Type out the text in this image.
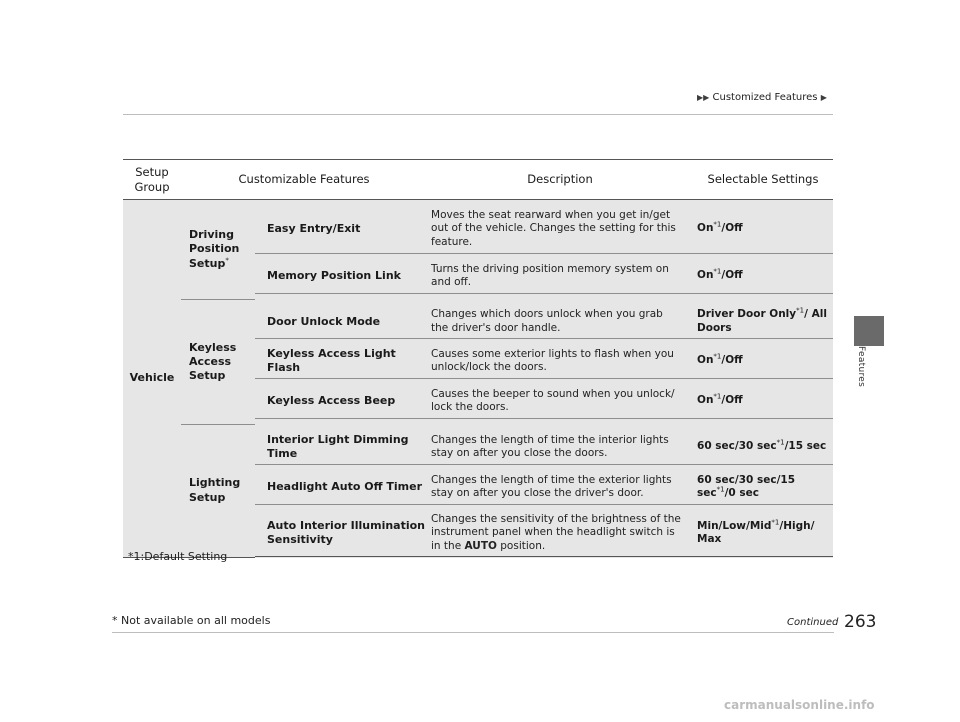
▶▶ Customized Features ▶
Features
Setup Group	Customizable Features		Description	Selectable Settings
Vehicle	Driving Position Setup*	
		Easy Entry/Exit	Moves the seat rearward when you get in/get out of the vehicle. Changes the setting for this feature.	On$^{*1}$/Off

		Memory Position Link	Turns the driving position memory system on and off.	On$^{*1}$/Off

	Keyless Access Setup			
		Door Unlock Mode	Changes which doors unlock when you grab the driver's door handle.	Driver Door Only$^{*1}$/ All Doors

		Keyless Access Light Flash	Causes some exterior lights to flash when you unlock/lock the doors.	On$^{*1}$/Off

		Keyless Access Beep	Causes the beeper to sound when you unlock/ lock the doors.	On$^{*1}$/Off

	Lighting Setup			
		Interior Light Dimming Time	Changes the length of time the interior lights stay on after you close the doors.	60 sec/30 $\sec^{*1}/15$ sec

		Headlight Auto Off Timer	Changes the length of time the exterior lights stay on after you close the driver's door.	60 sec/30 sec/15 $\sec^{*1}/0$ sec

		Auto Interior Illumination Sensitivity	Changes the sensitivity of the brightness of the instrument panel when the headlight switch is in the AUTO position.	Min/Low/Mid$^{*1}$/High/ Max

*1:Default Setting
Continued 263
* Not available on all models
carmanualsonline.info
